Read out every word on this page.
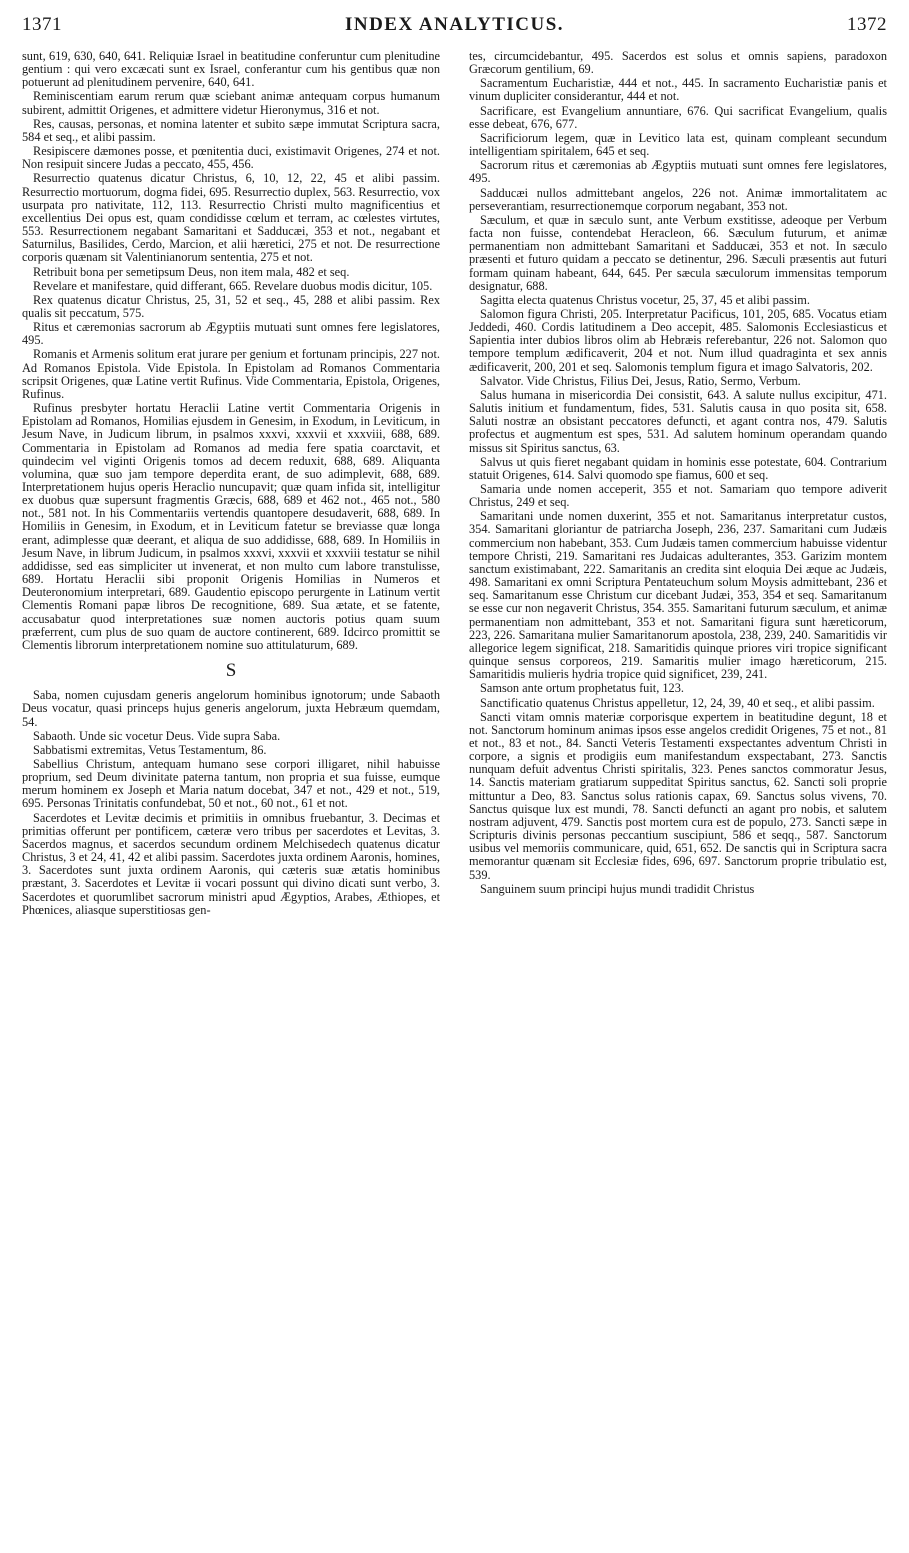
1371	INDEX ANALYTICUS.	1372

sunt, 619, 630, 640, 641. Reliquiæ Israel in beatitudine conferuntur cum plenitudine gentium : qui vero excæcati sunt ex Israel, conferantur cum his gentibus quæ non potuerunt ad plenitudinem pervenire, 640, 641.

Reminiscentiam earum rerum quæ sciebant animæ antequam corpus humanum subirent, admittit Origenes, et admittere videtur Hieronymus, 316 et not.

Res, causas, personas, et nomina latenter et subito sæpe immutat Scriptura sacra, 584 et seq., et alibi passim.

Resipiscere dæmones posse, et pœnitentia duci, existimavit Origenes, 274 et not. Non resipuit sincere Judas a peccato, 455, 456.

Resurrectio quatenus dicatur Christus, 6, 10, 12, 22, 45 et alibi passim. Resurrectio mortuorum, dogma fidei, 695. Resurrectio duplex, 563. Resurrectio, vox usurpata pro nativitate, 112, 113. Resurrectio Christi multo magnificentius et excellentius Dei opus est, quam condidisse cœlum et terram, ac cœlestes virtutes, 553. Resurrectionem negabant Samaritani et Sadducæi, 353 et not., negabant et Saturnilus, Basilides, Cerdo, Marcion, et alii hæretici, 275 et not. De resurrectione corporis quænam sit Valentinianorum sententia, 275 et not.

Retribuit bona per semetipsum Deus, non item mala, 482 et seq.

Revelare et manifestare, quid differant, 665. Revelare duobus modis dicitur, 105.

Rex quatenus dicatur Christus, 25, 31, 52 et seq., 45, 288 et alibi passim. Rex qualis sit peccatum, 575.

Ritus et cæremonias sacrorum ab Ægyptiis mutuati sunt omnes fere legislatores, 495.

Romanis et Armenis solitum erat jurare per genium et fortunam principis, 227 not. Ad Romanos Epistola. Vide Epistola. In Epistolam ad Romanos Commentaria scripsit Origenes, quæ Latine vertit Rufinus. Vide Commentaria, Epistola, Origenes, Rufinus.

Rufinus presbyter hortatu Heraclii Latine vertit Commentaria Origenis in Epistolam ad Romanos, Homilias ejusdem in Genesim, in Exodum, in Leviticum, in Jesum Nave, in Judicum librum, in psalmos xxxvi, xxxvii et xxxviii, 688, 689. Commentaria in Epistolam ad Romanos ad media fere spatia coarctavit, et quindecim vel viginti Origenis tomos ad decem reduxit, 688, 689. Aliquanta volumina, quæ suo jam tempore deperdita erant, de suo adimplevit, 688, 689. Interpretationem hujus operis Heraclio nuncupavit; quæ quam infida sit, intelligitur ex duobus quæ supersunt fragmentis Græcis, 688, 689 et 462 not., 465 not., 580 not., 581 not. In his Commentariis vertendis quantopere desudaverit, 688, 689. In Homiliis in Genesim, in Exodum, et in Leviticum fatetur se breviasse quæ longa erant, adimplesse quæ deerant, et aliqua de suo addidisse, 688, 689. In Homiliis in Jesum Nave, in librum Judicum, in psalmos xxxvi, xxxvii et xxxviii testatur se nihil addidisse, sed eas simpliciter ut invenerat, et non multo cum labore transtulisse, 689. Hortatu Heraclii sibi proponit Origenis Homilias in Numeros et Deuteronomium interpretari, 689. Gaudentio episcopo perurgente in Latinum vertit Clementis Romani papæ libros De recognitione, 689. Sua ætate, et se fatente, accusabatur quod interpretationes suæ nomen auctoris potius quam suum præferrent, cum plus de suo quam de auctore continerent, 689. Idcirco promittit se Clementis librorum interpretationem nomine suo attitulaturum, 689.

S

Saba, nomen cujusdam generis angelorum hominibus ignotorum; unde Sabaoth Deus vocatur, quasi princeps hujus generis angelorum, juxta Hebræum quemdam, 54.

Sabaoth. Unde sic vocetur Deus. Vide supra Saba.

Sabbatismi extremitas, Vetus Testamentum, 86.

Sabellius Christum, antequam humano sese corpori illigaret, nihil habuisse proprium, sed Deum divinitate paterna tantum, non propria et sua fuisse, eumque merum hominem ex Joseph et Maria natum docebat, 347 et not., 429 et not., 519, 695. Personas Trinitatis confundebat, 50 et not., 60 not., 61 et not.

Sacerdotes et Levitæ decimis et primitiis in omnibus fruebantur, 3. Decimas et primitias offerunt per pontificem, cæteræ vero tribus per sacerdotes et Levitas, 3. Sacerdos magnus, et sacerdos secundum ordinem Melchisedech quatenus dicatur Christus, 3 et 24, 41, 42 et alibi passim. Sacerdotes juxta ordinem Aaronis, homines, 3. Sacerdotes sunt juxta ordinem Aaronis, qui cæteris suæ ætatis hominibus præstant, 3. Sacerdotes et Levitæ ii vocari possunt qui divino dicati sunt verbo, 3. Sacerdotes et quorumlibet sacrorum ministri apud Ægyptios, Arabes, Æthiopes, et Phœnices, aliasque superstitiosas gen-

tes, circumcidebantur, 495. Sacerdos est solus et omnis sapiens, paradoxon Græcorum gentilium, 69.

Sacramentum Eucharistiæ, 444 et not., 445. In sacramento Eucharistiæ panis et vinum dupliciter considerantur, 444 et not.

Sacrificare, est Evangelium annuntiare, 676. Qui sacrificat Evangelium, qualis esse debeat, 676, 677.

Sacrificiorum legem, quæ in Levitico lata est, quinam compleant secundum intelligentiam spiritalem, 645 et seq.

Sacrorum ritus et cæremonias ab Ægyptiis mutuati sunt omnes fere legislatores, 495.

Sadducæi nullos admittebant angelos, 226 not. Animæ immortalitatem ac perseverantiam, resurrectionemque corporum negabant, 353 not.

Sæculum, et quæ in sæculo sunt, ante Verbum exstitisse, adeoque per Verbum facta non fuisse, contendebat Heracleon, 66. Sæculum futurum, et animæ permanentiam non admittebant Samaritani et Sadducæi, 353 et not. In sæculo præsenti et futuro quidam a peccato se detinentur, 296. Sæculi præsentis aut futuri formam quinam habeant, 644, 645. Per sæcula sæculorum immensitas temporum designatur, 688.

Sagitta electa quatenus Christus vocetur, 25, 37, 45 et alibi passim.

Salomon figura Christi, 205. Interpretatur Pacificus, 101, 205, 685. Vocatus etiam Jeddedi, 460. Cordis latitudinem a Deo accepit, 485. Salomonis Ecclesiasticus et Sapientia inter dubios libros olim ab Hebræis referebantur, 226 not. Salomon quo tempore templum ædificaverit, 204 et not. Num illud quadraginta et sex annis ædificaverit, 200, 201 et seq. Salomonis templum figura et imago Salvatoris, 202.

Salvator. Vide Christus, Filius Dei, Jesus, Ratio, Sermo, Verbum.

Salus humana in misericordia Dei consistit, 643. A salute nullus excipitur, 471. Salutis initium et fundamentum, fides, 531. Salutis causa in quo posita sit, 658. Saluti nostræ an obsistant peccatores defuncti, et agant contra nos, 479. Salutis profectus et augmentum est spes, 531. Ad salutem hominum operandam quando missus sit Spiritus sanctus, 63.

Salvus ut quis fieret negabant quidam in hominis esse potestate, 604. Contrarium statuit Origenes, 614. Salvi quomodo spe fiamus, 600 et seq.

Samaria unde nomen acceperit, 355 et not. Samariam quo tempore adiverit Christus, 249 et seq.

Samaritani unde nomen duxerint, 355 et not. Samaritanus interpretatur custos, 354. Samaritani gloriantur de patriarcha Joseph, 236, 237. Samaritani cum Judæis commercium non habebant, 353. Cum Judæis tamen commercium habuisse videntur tempore Christi, 219. Samaritani res Judaicas adulterantes, 353. Garizim montem sanctum existimabant, 222. Samaritanis an credita sint eloquia Dei æque ac Judæis, 498. Samaritani ex omni Scriptura Pentateuchum solum Moysis admittebant, 236 et seq. Samaritanum esse Christum cur dicebant Judæi, 353, 354 et seq. Samaritanum se esse cur non negaverit Christus, 354. 355. Samaritani futurum sæculum, et animæ permanentiam non admittebant, 353 et not. Samaritani figura sunt hæreticorum, 223, 226. Samaritana mulier Samaritanorum apostola, 238, 239, 240. Samaritidis vir allegorice legem significat, 218. Samaritidis quinque priores viri tropice significant quinque sensus corporeos, 219. Samaritis mulier imago hæreticorum, 215. Samaritidis mulieris hydria tropice quid significet, 239, 241.

Samson ante ortum prophetatus fuit, 123.

Sanctificatio quatenus Christus appelletur, 12, 24, 39, 40 et seq., et alibi passim.

Sancti vitam omnis materiæ corporisque expertem in beatitudine degunt, 18 et not. Sanctorum hominum animas ipsos esse angelos credidit Origenes, 75 et not., 81 et not., 83 et not., 84. Sancti Veteris Testamenti exspectantes adventum Christi in corpore, a signis et prodigiis eum manifestandum exspectabant, 273. Sanctis nunquam defuit adventus Christi spiritalis, 323. Penes sanctos commoratur Jesus, 14. Sanctis materiam gratiarum suppeditat Spiritus sanctus, 62. Sancti soli proprie mittuntur a Deo, 83. Sanctus solus rationis capax, 69. Sanctus solus vivens, 70. Sanctus quisque lux est mundi, 78. Sancti defuncti an agant pro nobis, et salutem nostram adjuvent, 479. Sanctis post mortem cura est de populo, 273. Sancti sæpe in Scripturis divinis personas peccantium suscipiunt, 586 et seqq., 587. Sanctorum usibus vel memoriis communicare, quid, 651, 652. De sanctis qui in Scriptura sacra memorantur quænam sit Ecclesiæ fides, 696, 697. Sanctorum proprie tribulatio est, 539.

Sanguinem suum principi hujus mundi tradidit Christus
